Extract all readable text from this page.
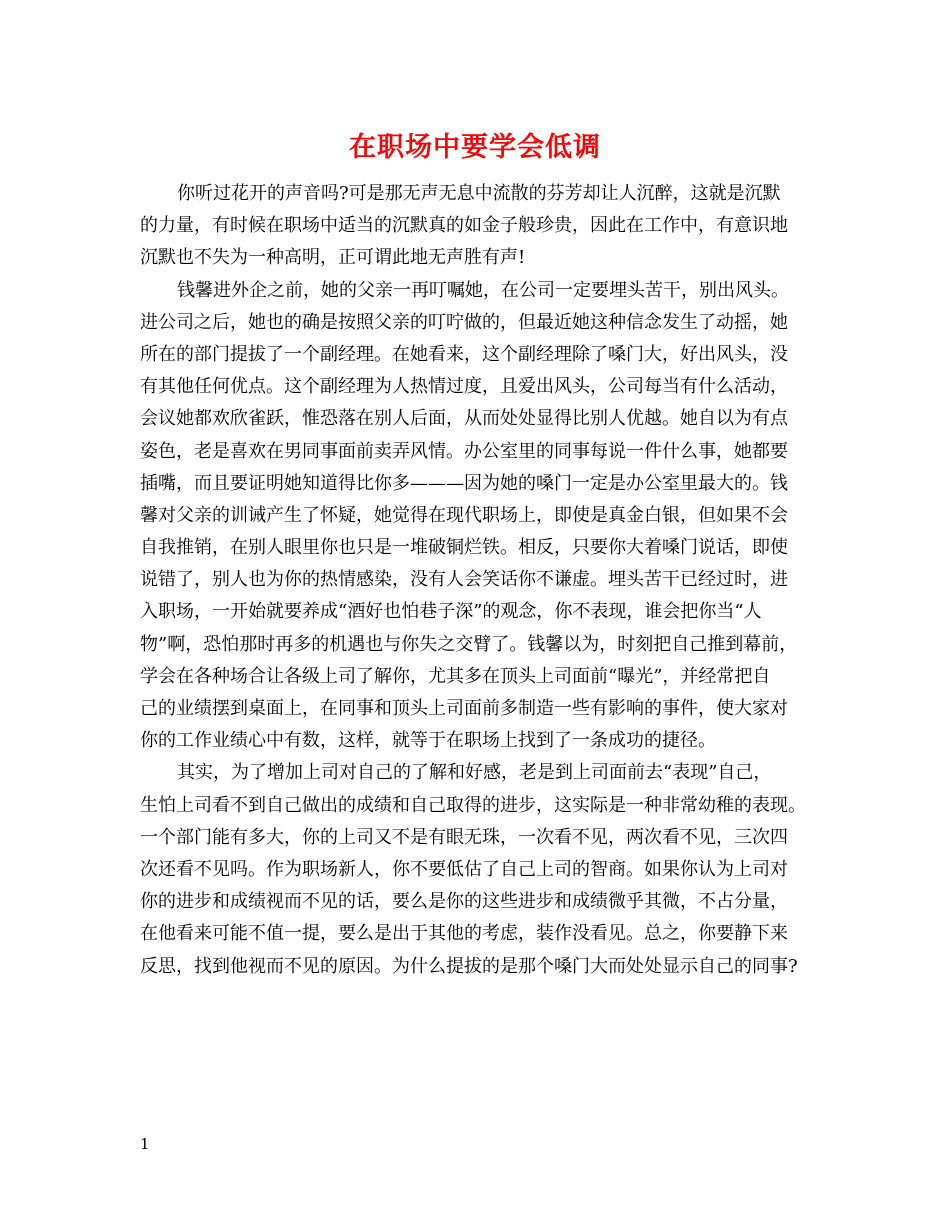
在职场中要学会低调
你听过花开的声音吗?可是那无声无息中流散的芬芳却让人沉醉，这就是沉默
的力量，有时候在职场中适当的沉默真的如金子般珍贵，因此在工作中，有意识地
沉默也不失为一种高明，正可谓此地无声胜有声!
钱馨进外企之前，她的父亲一再叮嘱她，在公司一定要埋头苦干，别出风头。
进公司之后，她也的确是按照父亲的叮咛做的，但最近她这种信念发生了动摇，她
所在的部门提拔了一个副经理。在她看来，这个副经理除了嗓门大，好出风头，没
有其他任何优点。这个副经理为人热情过度，且爱出风头，公司每当有什么活动，
会议她都欢欣雀跃，惟恐落在别人后面，从而处处显得比别人优越。她自以为有点
姿色，老是喜欢在男同事面前卖弄风情。办公室里的同事每说一件什么事，她都要
插嘴，而且要证明她知道得比你多———因为她的嗓门一定是办公室里最大的。钱
馨对父亲的训诫产生了怀疑，她觉得在现代职场上，即使是真金白银，但如果不会
自我推销，在别人眼里你也只是一堆破铜烂铁。相反，只要你大着嗓门说话，即使
说错了，别人也为你的热情感染，没有人会笑话你不谦虚。埋头苦干已经过时，进
入职场，一开始就要养成“酒好也怕巷子深”的观念，你不表现，谁会把你当“人
物”啊，恐怕那时再多的机遇也与你失之交臂了。钱馨以为，时刻把自己推到幕前，
学会在各种场合让各级上司了解你，尤其多在顶头上司面前“曝光”，并经常把自
己的业绩摆到桌面上，在同事和顶头上司面前多制造一些有影响的事件，使大家对
你的工作业绩心中有数，这样，就等于在职场上找到了一条成功的捷径。
其实，为了增加上司对自己的了解和好感，老是到上司面前去“表现”自己，
生怕上司看不到自己做出的成绩和自己取得的进步，这实际是一种非常幼稚的表现。
一个部门能有多大，你的上司又不是有眼无珠，一次看不见，两次看不见，三次四
次还看不见吗。作为职场新人，你不要低估了自己上司的智商。如果你认为上司对
你的进步和成绩视而不见的话，要么是你的这些进步和成绩微乎其微，不占分量，
在他看来可能不值一提，要么是出于其他的考虑，装作没看见。总之，你要静下来
反思，找到他视而不见的原因。为什么提拔的是那个嗓门大而处处显示自己的同事?
1
